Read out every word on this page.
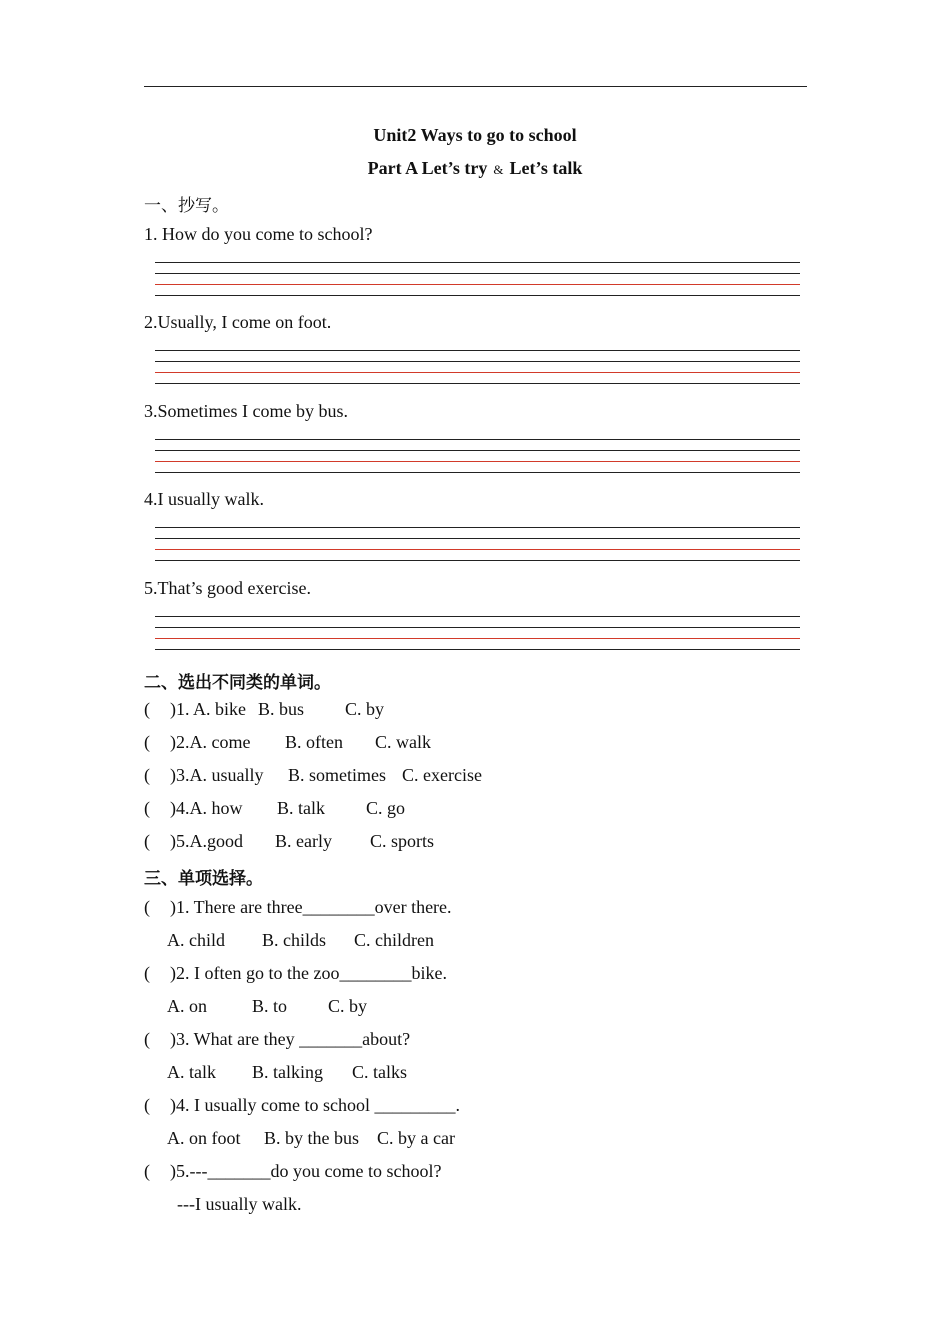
Unit2 Ways to go to school
Part A Let’s try & Let’s talk
一、抄写。
1. How do you come to school?
2.Usually, I come on foot.
3.Sometimes I come by bus.
4.I usually walk.
5.That’s good exercise.
二、选出不同类的单词。
( )1. A. bike B. bus C. by
( )2.A. come B. often C. walk
( )3.A. usually B. sometimes C. exercise
( )4.A. how B. talk C. go
( )5.A.good B. early C. sports
三、单项选择。
( )1. There are three________over there.
A. child B. childs C. children
( )2. I often go to the zoo________bike.
A. on	B. to C. by
( )3. What are they _______about?
A. talk B. talking C. talks
( )4. I usually come to school _________.
A. on foot B. by the bus C. by a car
( )5.---_______do you come to school?
---I usually walk.
